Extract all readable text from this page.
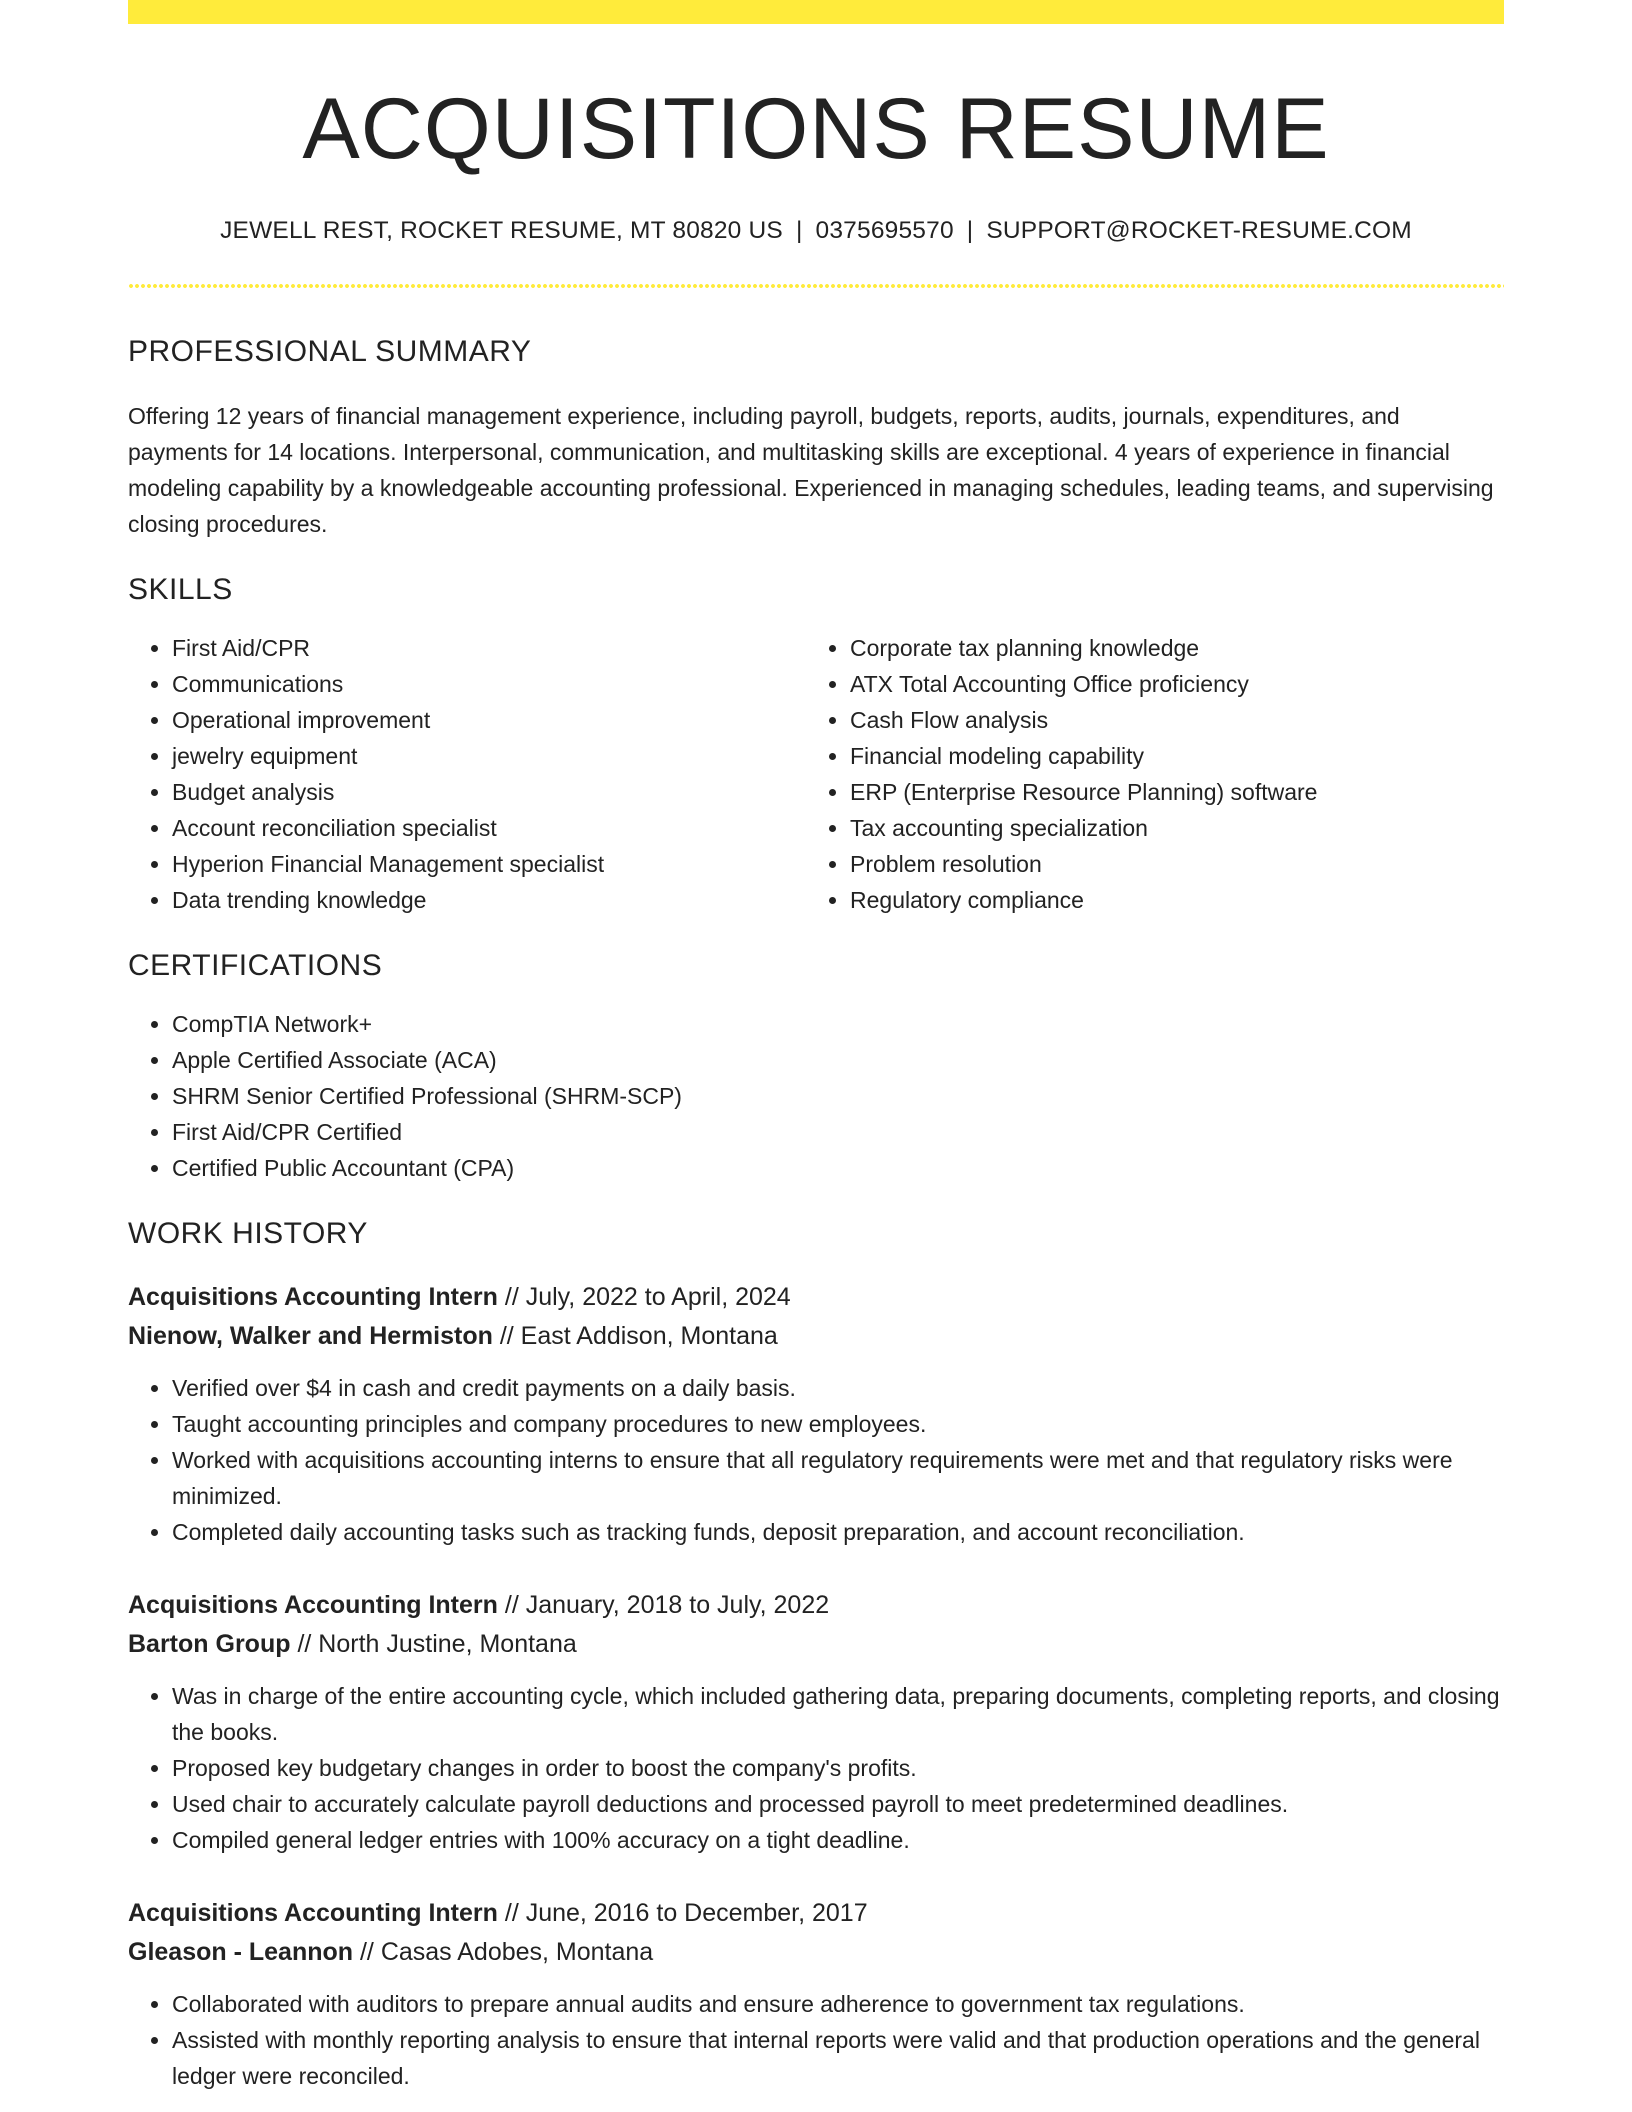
ACQUISITIONS RESUME
JEWELL REST, ROCKET RESUME, MT 80820 US | 0375695570 | SUPPORT@ROCKET-RESUME.COM
PROFESSIONAL SUMMARY

Offering 12 years of financial management experience, including payroll, budgets, reports, audits, journals, expenditures, and payments for 14 locations. Interpersonal, communication, and multitasking skills are exceptional. 4 years of experience in financial modeling capability by a knowledgeable accounting professional. Experienced in managing schedules, leading teams, and supervising closing procedures.

SKILLS
• First Aid/CPR
• Communications
• Operational improvement
• jewelry equipment
• Budget analysis
• Account reconciliation specialist
• Hyperion Financial Management specialist
• Data trending knowledge
• Corporate tax planning knowledge
• ATX Total Accounting Office proficiency
• Cash Flow analysis
• Financial modeling capability
• ERP (Enterprise Resource Planning) software
• Tax accounting specialization
• Problem resolution
• Regulatory compliance
CERTIFICATIONS
• CompTIA Network+
• Apple Certified Associate (ACA)
• SHRM Senior Certified Professional (SHRM-SCP)
• First Aid/CPR Certified
• Certified Public Accountant (CPA)
WORK HISTORY
Acquisitions Accounting Intern // July, 2022 to April, 2024
Nienow, Walker and Hermiston // East Addison, Montana
• Verified over $4 in cash and credit payments on a daily basis.
• Taught accounting principles and company procedures to new employees.
• Worked with acquisitions accounting interns to ensure that all regulatory requirements were met and that regulatory risks were minimized.
• Completed daily accounting tasks such as tracking funds, deposit preparation, and account reconciliation.
Acquisitions Accounting Intern // January, 2018 to July, 2022
Barton Group // North Justine, Montana
• Was in charge of the entire accounting cycle, which included gathering data, preparing documents, completing reports, and closing the books.
• Proposed key budgetary changes in order to boost the company's profits.
• Used chair to accurately calculate payroll deductions and processed payroll to meet predetermined deadlines.
• Compiled general ledger entries with 100% accuracy on a tight deadline.
Acquisitions Accounting Intern // June, 2016 to December, 2017
Gleason - Leannon // Casas Adobes, Montana
• Collaborated with auditors to prepare annual audits and ensure adherence to government tax regulations.
• Assisted with monthly reporting analysis to ensure that internal reports were valid and that production operations and the general ledger were reconciled.
